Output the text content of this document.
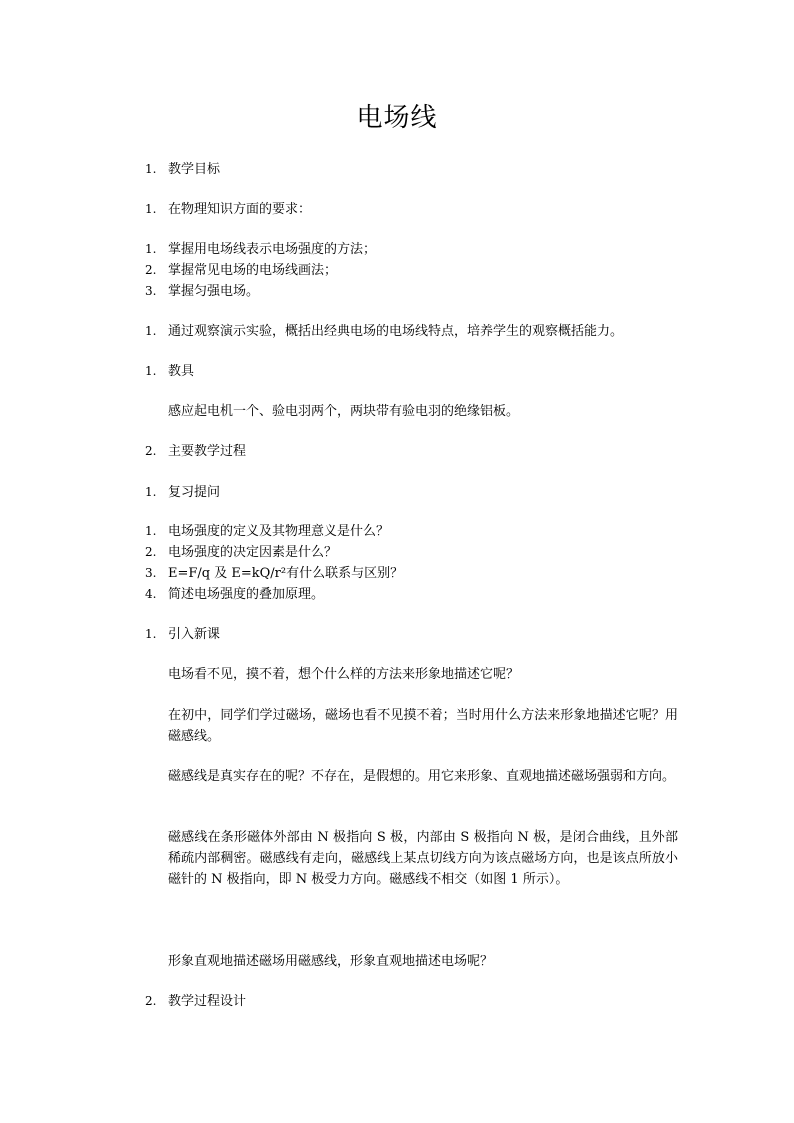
电场线
1. 教学目标
1. 在物理知识方面的要求：
1. 掌握用电场线表示电场强度的方法；
2. 掌握常见电场的电场线画法；
3. 掌握匀强电场。
1. 通过观察演示实验，概括出经典电场的电场线特点，培养学生的观察概括能力。
1. 教具
感应起电机一个、验电羽两个，两块带有验电羽的绝缘铝板。
2. 主要教学过程
1. 复习提问
1. 电场强度的定义及其物理意义是什么？
2. 电场强度的决定因素是什么？
3. E=F/q 及 E=kQ/r²有什么联系与区别？
4. 简述电场强度的叠加原理。
1. 引入新课
电场看不见，摸不着，想个什么样的方法来形象地描述它呢？
在初中，同学们学过磁场，磁场也看不见摸不着；当时用什么方法来形象地描述它呢？用磁感线。
磁感线是真实存在的呢？不存在，是假想的。用它来形象、直观地描述磁场强弱和方向。
磁感线在条形磁体外部由 N 极指向 S 极，内部由 S 极指向 N 极，是闭合曲线，且外部稀疏内部稠密。磁感线有走向，磁感线上某点切线方向为该点磁场方向，也是该点所放小磁针的 N 极指向，即 N 极受力方向。磁感线不相交（如图 1 所示）。
形象直观地描述磁场用磁感线，形象直观地描述电场呢？
2. 教学过程设计
